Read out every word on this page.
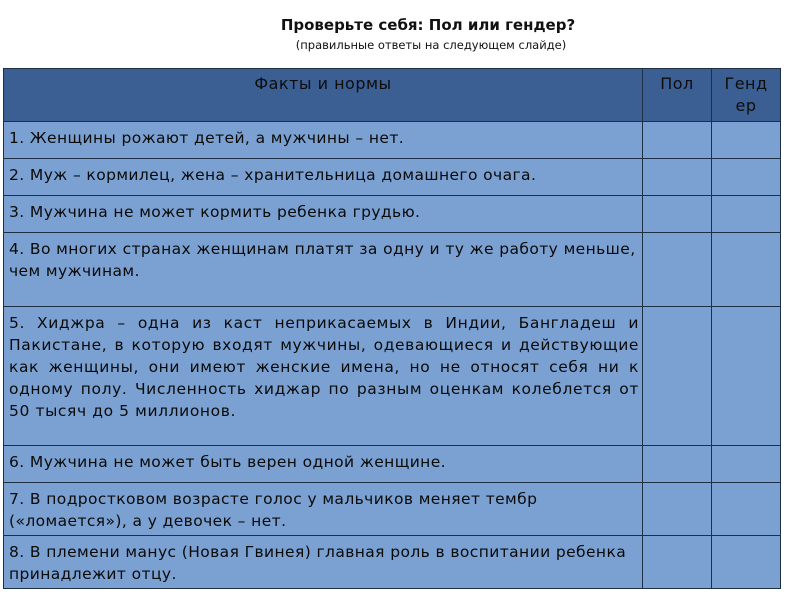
Проверьте себя: Пол или гендер?
(правильные ответы на следующем слайде)
Факты и нормы	Пол	Гендер
1. Женщины рожают детей, а мужчины – нет.		
2. Муж – кормилец, жена – хранительница домашнего очага.		
3. Мужчина не может кормить ребенка грудью.		
4. Во многих странах женщинам платят за одну и ту же работу меньше, чем мужчинам.		
5. Хиджра – одна из каст неприкасаемых в Индии, Бангладеш и Пакистане, в которую входят мужчины, одевающиеся и действующие как женщины, они имеют женские имена, но не относят себя ни к одному полу. Численность хиджар по разным оценкам колеблется от 50 тысяч до 5 миллионов.		
6. Мужчина не может быть верен одной женщине.		
7. В подростковом возрасте голос у мальчиков меняет тембр («ломается»), а у девочек – нет.		
8. В племени манус (Новая Гвинея) главная роль в воспитании ребенка принадлежит отцу.		
